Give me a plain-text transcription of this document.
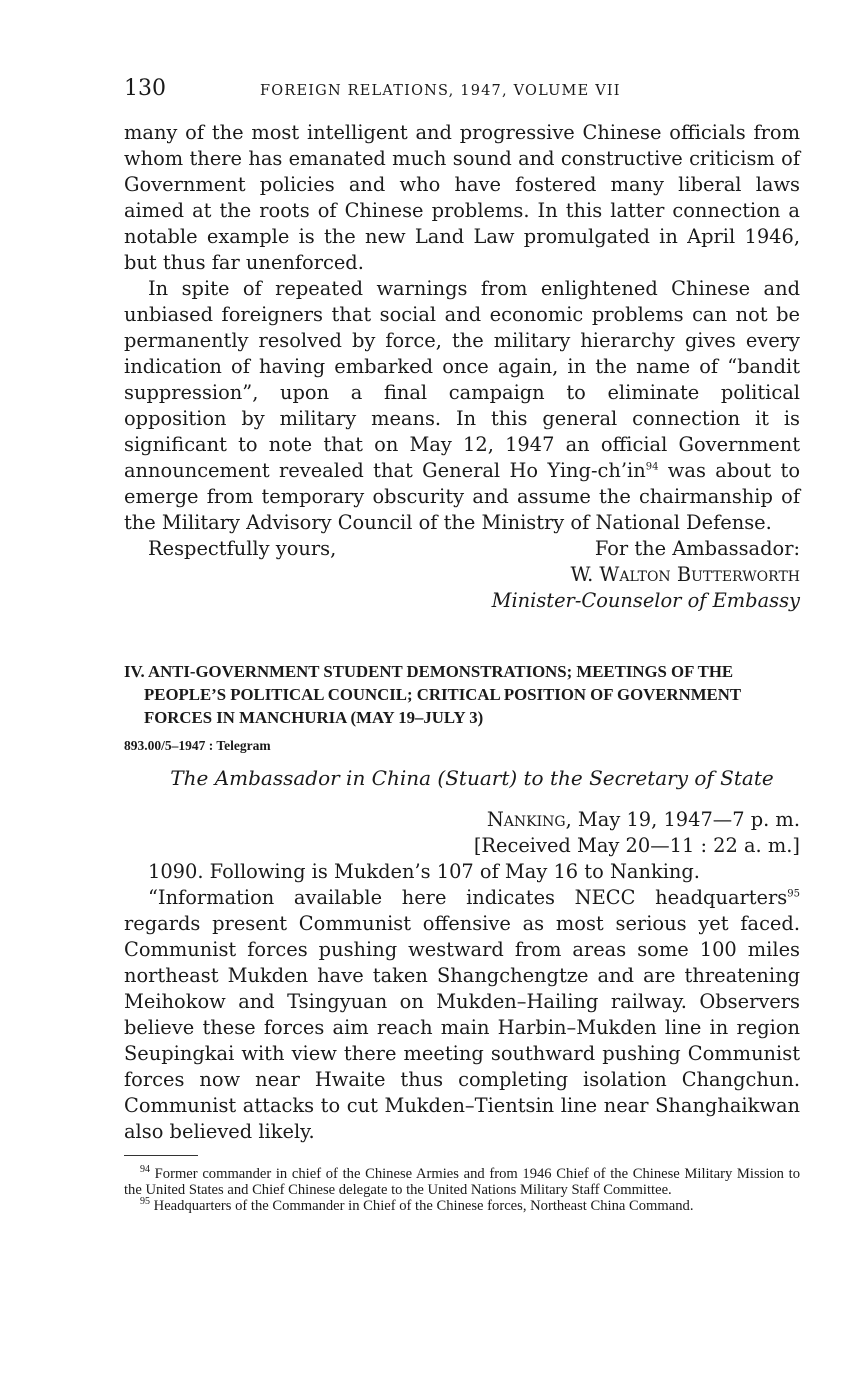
130	FOREIGN RELATIONS, 1947, VOLUME VII

many of the most intelligent and progressive Chinese officials from whom there has emanated much sound and constructive criticism of Government policies and who have fostered many liberal laws aimed at the roots of Chinese problems. In this latter connection a notable example is the new Land Law promulgated in April 1946, but thus far unenforced.

In spite of repeated warnings from enlightened Chinese and unbiased foreigners that social and economic problems can not be permanently resolved by force, the military hierarchy gives every indication of having embarked once again, in the name of “bandit suppression”, upon a final campaign to eliminate political opposition by military means. In this general connection it is significant to note that on May 12, 1947 an official Government announcement revealed that General Ho Ying-$ch’in^{94}$ was about to emerge from temporary obscurity and assume the chairmanship of the Military Advisory Council of the Ministry of National Defense.

Respectfully yours,	For the Ambassador:
W. Walton Butterworth
Minister-Counselor of Embassy
IV. ANTI-GOVERNMENT STUDENT DEMONSTRATIONS; MEETINGS OF THE PEOPLE’S POLITICAL COUNCIL; CRITICAL POSITION OF GOVERNMENT FORCES IN MANCHURIA (MAY 19–JULY 3)
893.00/5–1947 : Telegram
The Ambassador in China (Stuart) to the Secretary of State
Nanking, May 19, 1947—7 p. m.
[Received May 20—11 : 22 a. m.]

1090. Following is Mukden’s 107 of May 16 to Nanking.

“Information available here indicates NECC headquarters$^{95}$ regards present Communist offensive as most serious yet faced. Communist forces pushing westward from areas some 100 miles northeast Mukden have taken Shangchengtze and are threatening Meihokow and Tsingyuan on Mukden–Hailing railway. Observers believe these forces aim reach main Harbin–Mukden line in region Seupingkai with view there meeting southward pushing Communist forces now near Hwaite thus completing isolation Changchun. Communist attacks to cut Mukden–Tientsin line near Shanghaikwan also believed likely.

$^{94}$ Former commander in chief of the Chinese Armies and from 1946 Chief of the Chinese Military Mission to the United States and Chief Chinese delegate to the United Nations Military Staff Committee.

$^{95}$ Headquarters of the Commander in Chief of the Chinese forces, Northeast China Command.
